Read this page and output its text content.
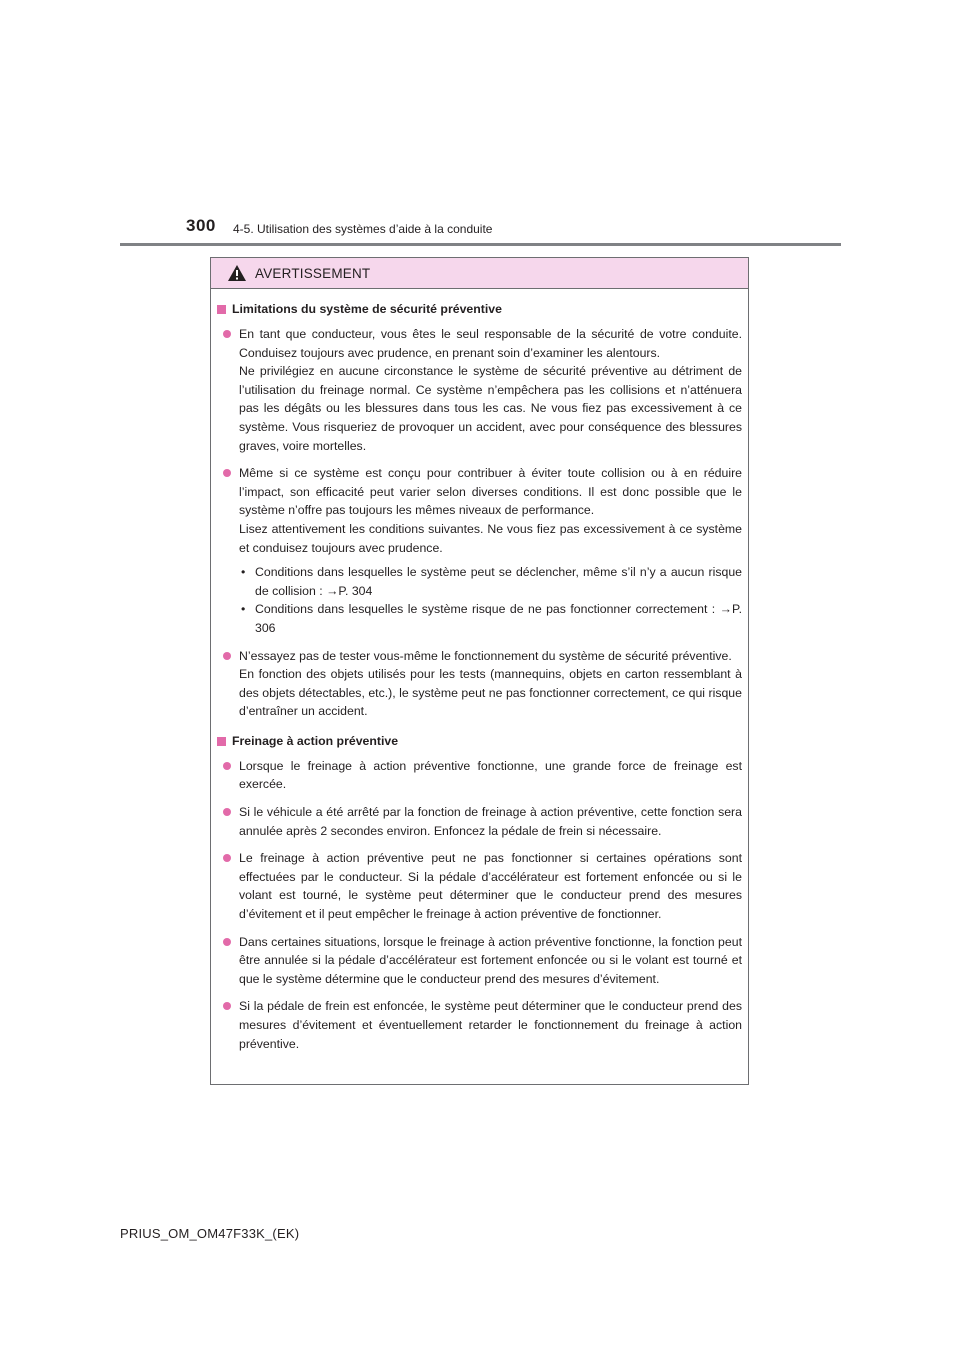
300 4-5. Utilisation des systèmes d’aide à la conduite
AVERTISSEMENT
Limitations du système de sécurité préventive

En tant que conducteur, vous êtes le seul responsable de la sécurité de votre conduite. Conduisez toujours avec prudence, en prenant soin d’examiner les alentours.

Ne privilégiez en aucune circonstance le système de sécurité préventive au détriment de l’utilisation du freinage normal. Ce système n’empêchera pas les collisions et n’atténuera pas les dégâts ou les blessures dans tous les cas. Ne vous fiez pas excessivement à ce système. Vous risqueriez de provoquer un accident, avec pour conséquence des blessures graves, voire mortelles.

Même si ce système est conçu pour contribuer à éviter toute collision ou à en réduire l’impact, son efficacité peut varier selon diverses conditions. Il est donc possible que le système n’offre pas toujours les mêmes niveaux de performance.

Lisez attentivement les conditions suivantes. Ne vous fiez pas excessivement à ce système et conduisez toujours avec prudence.

• Conditions dans lesquelles le système peut se déclencher, même s’il n’y a aucun risque de collision : →P. 304
• Conditions dans lesquelles le système risque de ne pas fonctionner correctement : →P. 306

N’essayez pas de tester vous-même le fonctionnement du système de sécurité préventive.

En fonction des objets utilisés pour les tests (mannequins, objets en carton ressemblant à des objets détectables, etc.), le système peut ne pas fonctionner correctement, ce qui risque d’entraîner un accident.

Freinage à action préventive

Lorsque le freinage à action préventive fonctionne, une grande force de freinage est exercée.

Si le véhicule a été arrêté par la fonction de freinage à action préventive, cette fonction sera annulée après 2 secondes environ. Enfoncez la pédale de frein si nécessaire.

Le freinage à action préventive peut ne pas fonctionner si certaines opérations sont effectuées par le conducteur. Si la pédale d’accélérateur est fortement enfoncée ou si le volant est tourné, le système peut déterminer que le conducteur prend des mesures d’évitement et il peut empêcher le freinage à action préventive de fonctionner.

Dans certaines situations, lorsque le freinage à action préventive fonctionne, la fonction peut être annulée si la pédale d’accélérateur est fortement enfoncée ou si le volant est tourné et que le système détermine que le conducteur prend des mesures d’évitement.

Si la pédale de frein est enfoncée, le système peut déterminer que le conducteur prend des mesures d’évitement et éventuellement retarder le fonctionnement du freinage à action préventive.

PRIUS_OM_OM47F33K_(EK)
